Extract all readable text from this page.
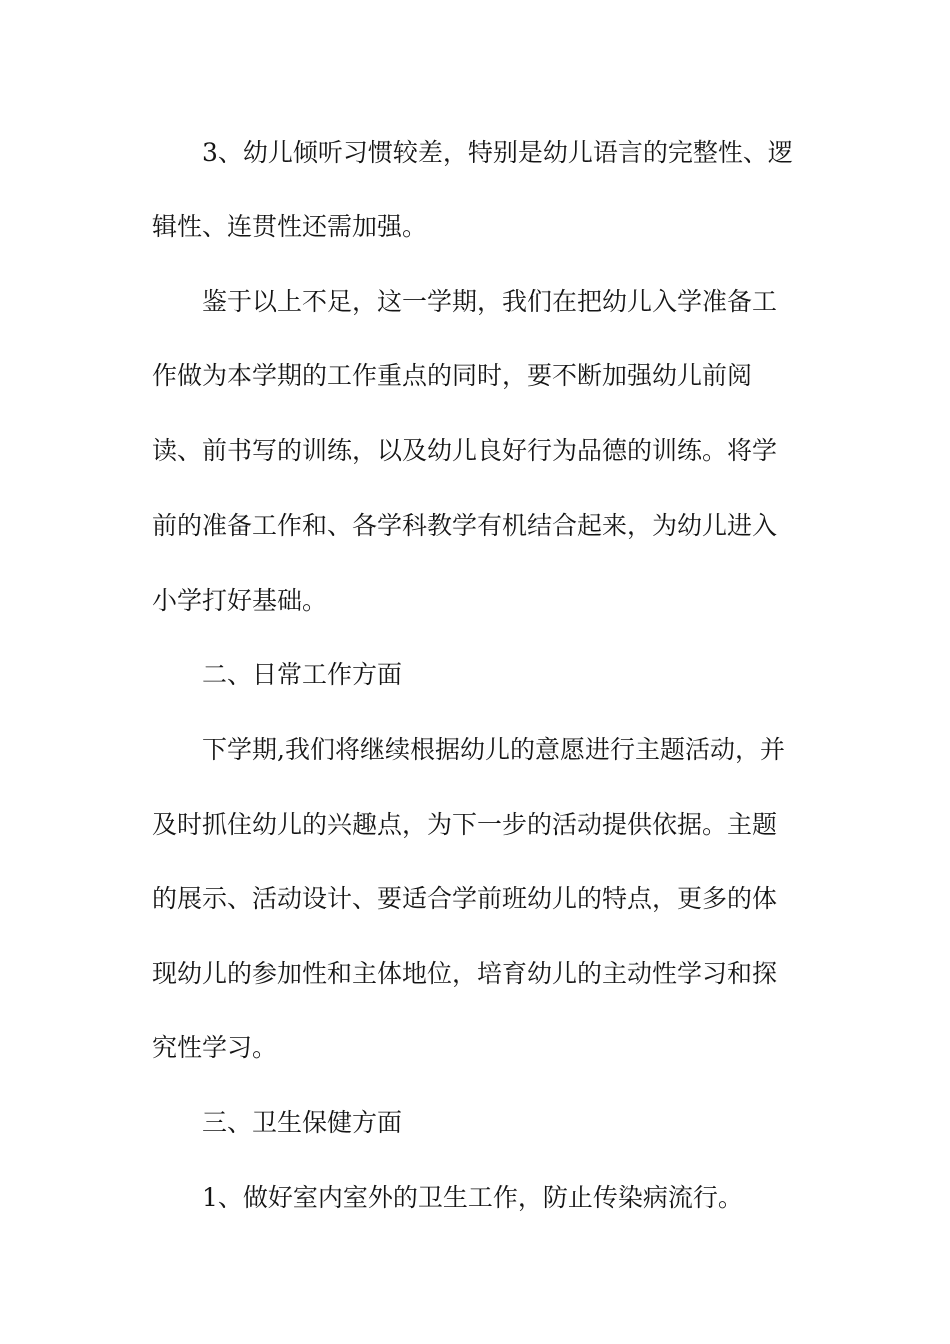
3、幼儿倾听习惯较差，特别是幼儿语言的完整性、逻

辑性、连贯性还需加强。

鉴于以上不足，这一学期，我们在把幼儿入学准备工

作做为本学期的工作重点的同时，要不断加强幼儿前阅

读、前书写的训练，以及幼儿良好行为品德的训练。将学

前的准备工作和、各学科教学有机结合起来，为幼儿进入

小学打好基础。

二、日常工作方面

下学期,我们将继续根据幼儿的意愿进行主题活动，并

及时抓住幼儿的兴趣点，为下一步的活动提供依据。主题

的展示、活动设计、要适合学前班幼儿的特点，更多的体

现幼儿的参加性和主体地位，培育幼儿的主动性学习和探

究性学习。

三、卫生保健方面

1、做好室内室外的卫生工作，防止传染病流行。
